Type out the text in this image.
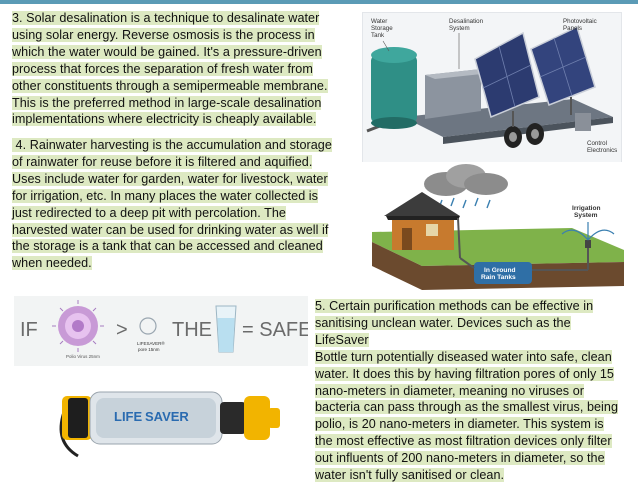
3. Solar desalination is a technique to desalinate water
using solar energy. Reverse osmosis is the process in
which the water would be gained. It's a pressure-driven
process that forces the separation of fresh water from
other constituents through a semipermeable membrane.
This is the preferred method in large-scale desalination
implementations where electricity is cheaply available.

4. Rainwater harvesting is the accumulation and storage
of rainwater for reuse before it is filtered and aquified.
Uses include water for garden, water for livestock, water
for irrigation, etc. In many places the water collected is
just redirected to a deep pit with percolation. The
harvested water can be used for drinking water as well if
the storage is a tank that can be accessed and cleaned
when needed.

5. Certain purification methods can be effective in
sanitising unclean water. Devices such as the LifeSaver
Bottle turn potentially diseased water into safe, clean
water. It does this by having filtration pores of only 15
nano-meters in diameter, meaning no viruses or
bacteria can pass through as the smallest virus, being
polio, is 20 nano-meters in diameter. This system is
the most effective as most filtration devices only filter
out influents of 200 nano-meters in diameter, so the
water isn't fully sanitised or clean.

Water Storage Tank
Desalination System
Photovoltaic Panels
Control Electronics
Irrigation System
In Ground Rain Tanks
IF
Polio Virus 25nm
>
LIFESAVER® pore 15nm
THE = SAFE
LIFE SAVER
